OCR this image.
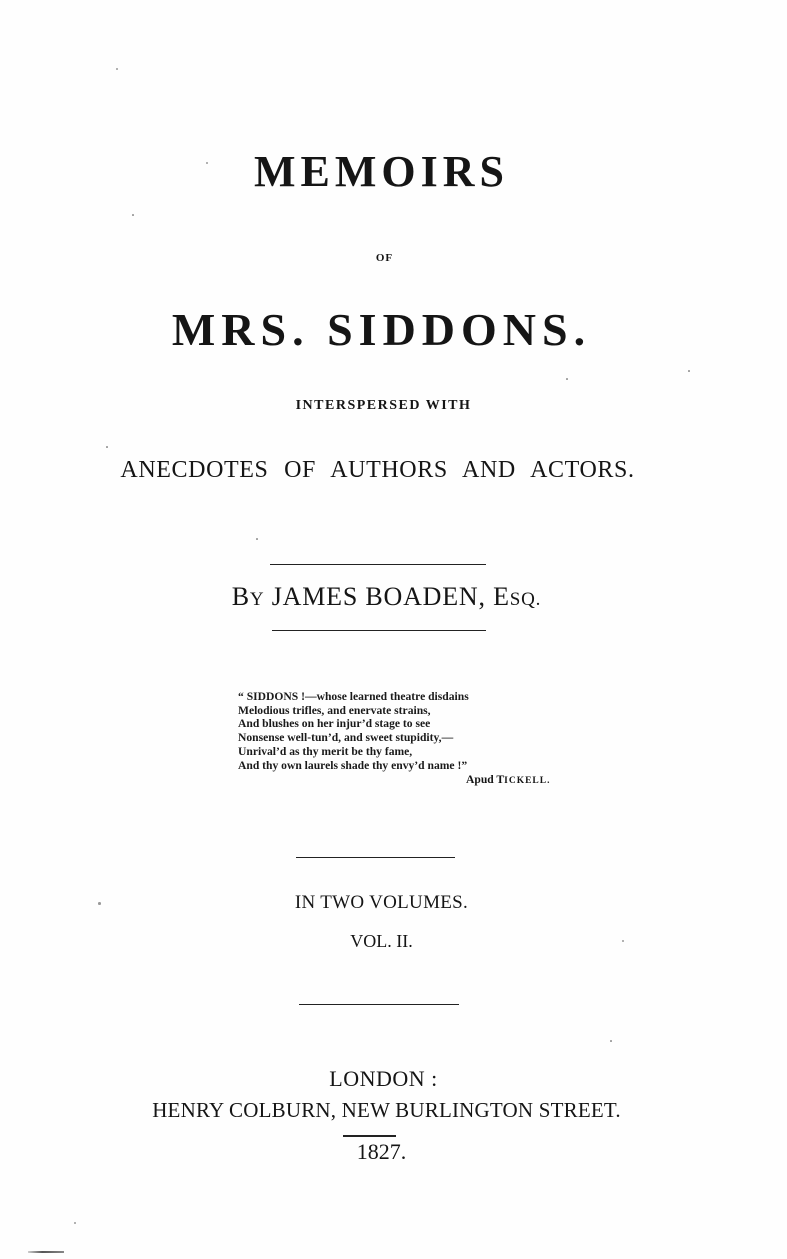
MEMOIRS
OF
MRS. SIDDONS.
INTERSPERSED WITH
ANECDOTES OF AUTHORS AND ACTORS.
BY JAMES BOADEN, ESQ.
“ SIDDONS !—whose learned theatre disdains
Melodious trifles, and enervate strains,
And blushes on her injur’d stage to see
Nonsense well-tun’d, and sweet stupidity,—
Unrival’d as thy merit be thy fame,
And thy own laurels shade thy envy’d name !”
Apud TICKELL.
IN TWO VOLUMES.
VOL. II.
LONDON :
HENRY COLBURN, NEW BURLINGTON STREET.
1827.
